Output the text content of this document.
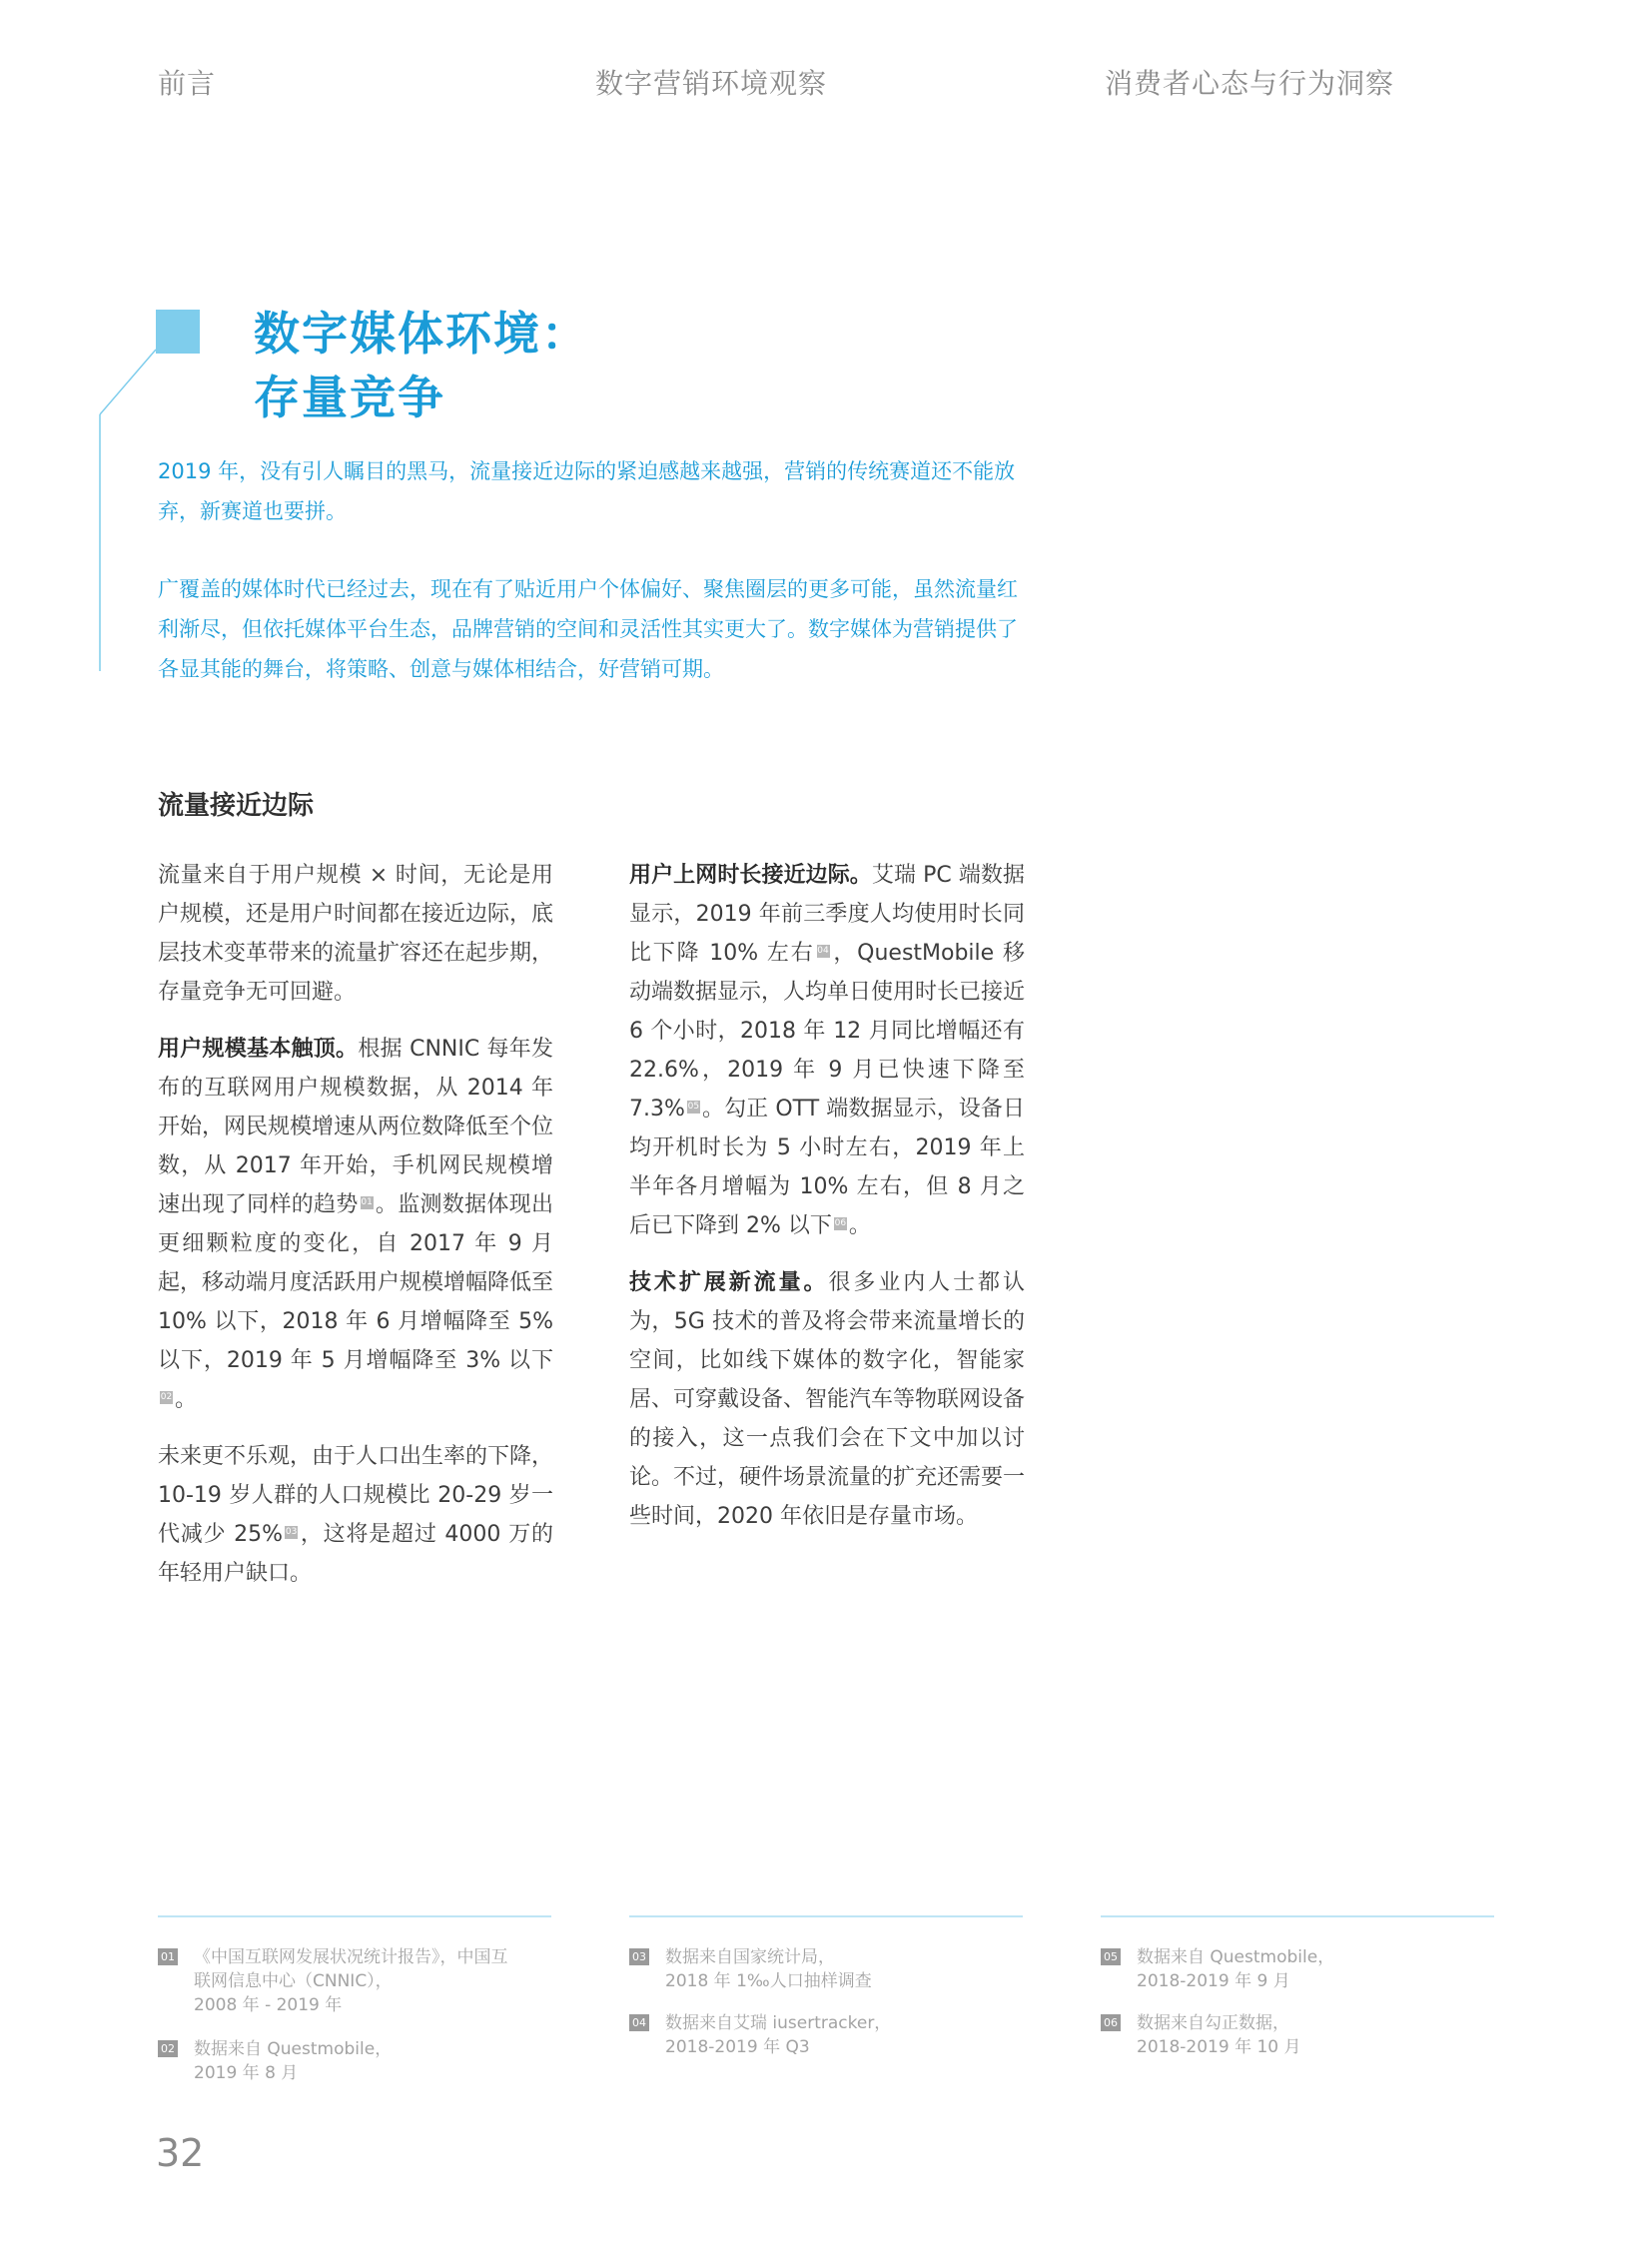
前言	数字营销环境观察	消费者心态与行为洞察
数字媒体环境：
存量竞争
2019 年，没有引人瞩目的黑马，流量接近边际的紧迫感越来越强，营销的传统赛道还不能放弃，新赛道也要拼。
广覆盖的媒体时代已经过去，现在有了贴近用户个体偏好、聚焦圈层的更多可能，虽然流量红利渐尽，但依托媒体平台生态，品牌营销的空间和灵活性其实更大了。数字媒体为营销提供了各显其能的舞台，将策略、创意与媒体相结合，好营销可期。
流量接近边际

流量来自于用户规模 × 时间，无论是用户规模，还是用户时间都在接近边际，底层技术变革带来的流量扩容还在起步期，存量竞争无可回避。

用户规模基本触顶。根据 CNNIC 每年发布的互联网用户规模数据，从 2014 年开始，网民规模增速从两位数降低至个位数，从 2017 年开始，手机网民规模增速出现了同样的趋势 01 。监测数据体现出更细颗粒度的变化，自 2017 年 9 月起，移动端月度活跃用户规模增幅降低至 10% 以下，2018 年 6 月增幅降至 5% 以下，2019 年 5 月增幅降至 3% 以下02 。

未来更不乐观，由于人口出生率的下降，10-19 岁人群的人口规模比 20-29 岁一代减少 25% 03 ，这将是超过 4000 万的年轻用户缺口。

用户上网时长接近边际。艾瑞 PC 端数据显示，2019 年前三季度人均使用时长同比下降 10% 左右 04 ，QuestMobile 移动端数据显示，人均单日使用时长已接近 6 个小时，2018 年 12 月同比增幅还有 22.6%，2019 年 9 月已快速下降至 7.3% 05 。勾正 OTT 端数据显示，设备日均开机时长为 5 小时左右，2019 年上半年各月增幅为 10% 左右，但 8 月之后已下降到 2% 以下 06 。

技术扩展新流量。很多业内人士都认为，5G 技术的普及将会带来流量增长的空间，比如线下媒体的数字化，智能家居、可穿戴设备、智能汽车等物联网设备的接入，这一点我们会在下文中加以讨论。不过，硬件场景流量的扩充还需要一些时间，2020 年依旧是存量市场。

01 《中国互联网发展状况统计报告》，中国互
联网信息中心（CNNIC），
2008 年 - 2019 年
02 数据来自 Questmobile，
2019 年 8 月
03 数据来自国家统计局，
2018 年 1‰人口抽样调查
04 数据来自艾瑞 iusertracker，
2018-2019 年 Q3
05 数据来自 Questmobile，
2018-2019 年 9 月
06 数据来自勾正数据，
2018-2019 年 10 月
32
